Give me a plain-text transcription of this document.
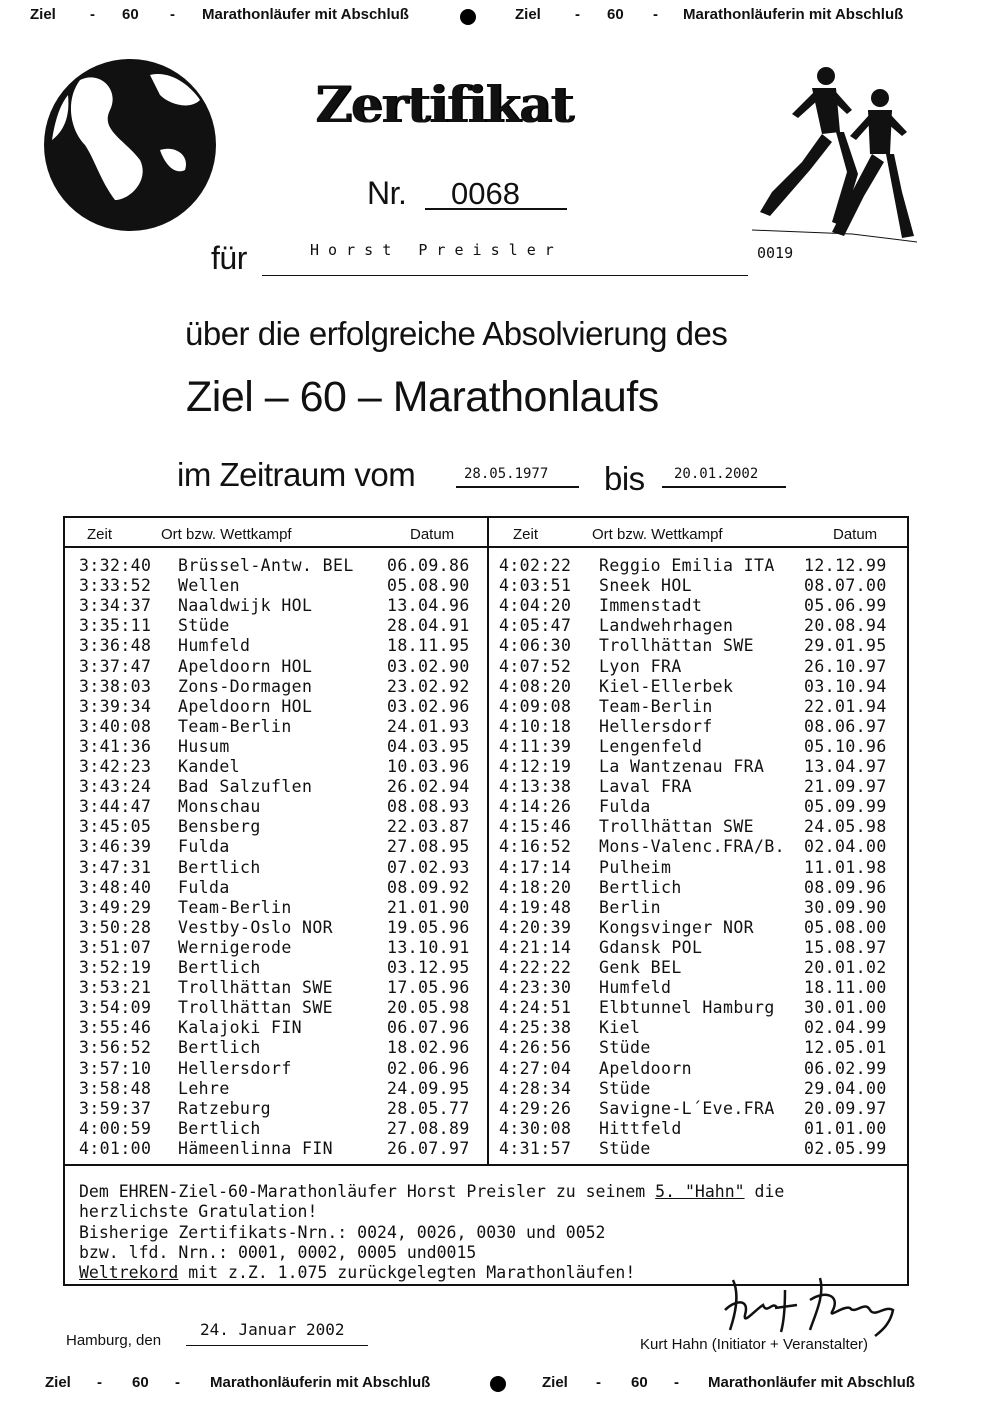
Ziel - 60 - Marathonläufer mit Abschluß	Ziel - 60 - Marathonläuferin mit Abschluß
Zertifikat
Nr.	0068
für	H o r s t   P r e i s l e r	0019
über die erfolgreiche Absolvierung des
Ziel – 60 – Marathonlaufs
im Zeitraum vom	28.05.1977	bis	20.01.2002
Zeit	Ort bzw. Wettkampf	Datum	Zeit	Ort bzw. Wettkampf	Datum
3:32:40 Brüssel-Antw. BEL 06.09.86
3:33:52 Wellen	05.08.90
3:34:37 Naaldwijk HOL	13.04.96
3:35:11 Stüde	28.04.91
3:36:48 Humfeld	18.11.95
3:37:47 Apeldoorn HOL	03.02.90
3:38:03 Zons-Dormagen	23.02.92
3:39:34 Apeldoorn HOL	03.02.96
3:40:08 Team-Berlin	24.01.93
3:41:36 Husum	04.03.95
3:42:23 Kandel	10.03.96
3:43:24 Bad Salzuflen	26.02.94
3:44:47 Monschau	08.08.93
3:45:05 Bensberg	22.03.87
3:46:39 Fulda	27.08.95
3:47:31 Bertlich	07.02.93
3:48:40 Fulda	08.09.92
3:49:29 Team-Berlin	21.01.90
3:50:28 Vestby-Oslo NOR	19.05.96
3:51:07 Wernigerode	13.10.91
3:52:19 Bertlich	03.12.95
3:53:21 Trollhättan SWE	17.05.96
3:54:09 Trollhättan SWE	20.05.98
3:55:46 Kalajoki FIN	06.07.96
3:56:52 Bertlich	18.02.96
3:57:10 Hellersdorf	02.06.96
3:58:48 Lehre	24.09.95
3:59:37 Ratzeburg	28.05.77
4:00:59 Bertlich	27.08.89
4:01:00 Hämeenlinna FIN	26.07.97
4:02:22 Reggio Emilia ITA 12.12.99
4:03:51 Sneek HOL	08.07.00
4:04:20 Immenstadt	05.06.99
4:05:47 Landwehrhagen	20.08.94
4:06:30 Trollhättan SWE	29.01.95
4:07:52 Lyon FRA	26.10.97
4:08:20 Kiel-Ellerbek	03.10.94
4:09:08 Team-Berlin	22.01.94
4:10:18 Hellersdorf	08.06.97
4:11:39 Lengenfeld	05.10.96
4:12:19 La Wantzenau FRA 13.04.97
4:13:38 Laval FRA	21.09.97
4:14:26 Fulda	05.09.99
4:15:46 Trollhättan SWE	24.05.98
4:16:52 Mons-Valenc.FRA/B. 02.04.00
4:17:14 Pulheim	11.01.98
4:18:20 Bertlich	08.09.96
4:19:48 Berlin	30.09.90
4:20:39 Kongsvinger NOR	05.08.00
4:21:14 Gdansk POL	15.08.97
4:22:22 Genk BEL	20.01.02
4:23:30 Humfeld	18.11.00
4:24:51 Elbtunnel Hamburg 30.01.00
4:25:38 Kiel	02.04.99
4:26:56 Stüde	12.05.01
4:27:04 Apeldoorn	06.02.99
4:28:34 Stüde	29.04.00
4:29:26 Savigne-L´Eve.FRA 20.09.97
4:30:08 Hittfeld	01.01.00
4:31:57 Stüde	02.05.99
Dem EHREN-Ziel-60-Marathonläufer Horst Preisler zu seinem 5. "Hahn" die
herzlichste Gratulation!
Bisherige Zertifikats-Nrn.: 0024, 0026, 0030 und 0052
bzw. lfd. Nrn.: 0001, 0002, 0005 und0015
Weltrekord mit z.Z. 1.075 zurückgelegten Marathonläufen!
24. Januar 2002
Hamburg, den	Kurt Hahn (Initiator + Veranstalter)
Ziel - 60 - Marathonläuferin mit Abschluß	Ziel - 60 - Marathonläufer mit Abschluß
